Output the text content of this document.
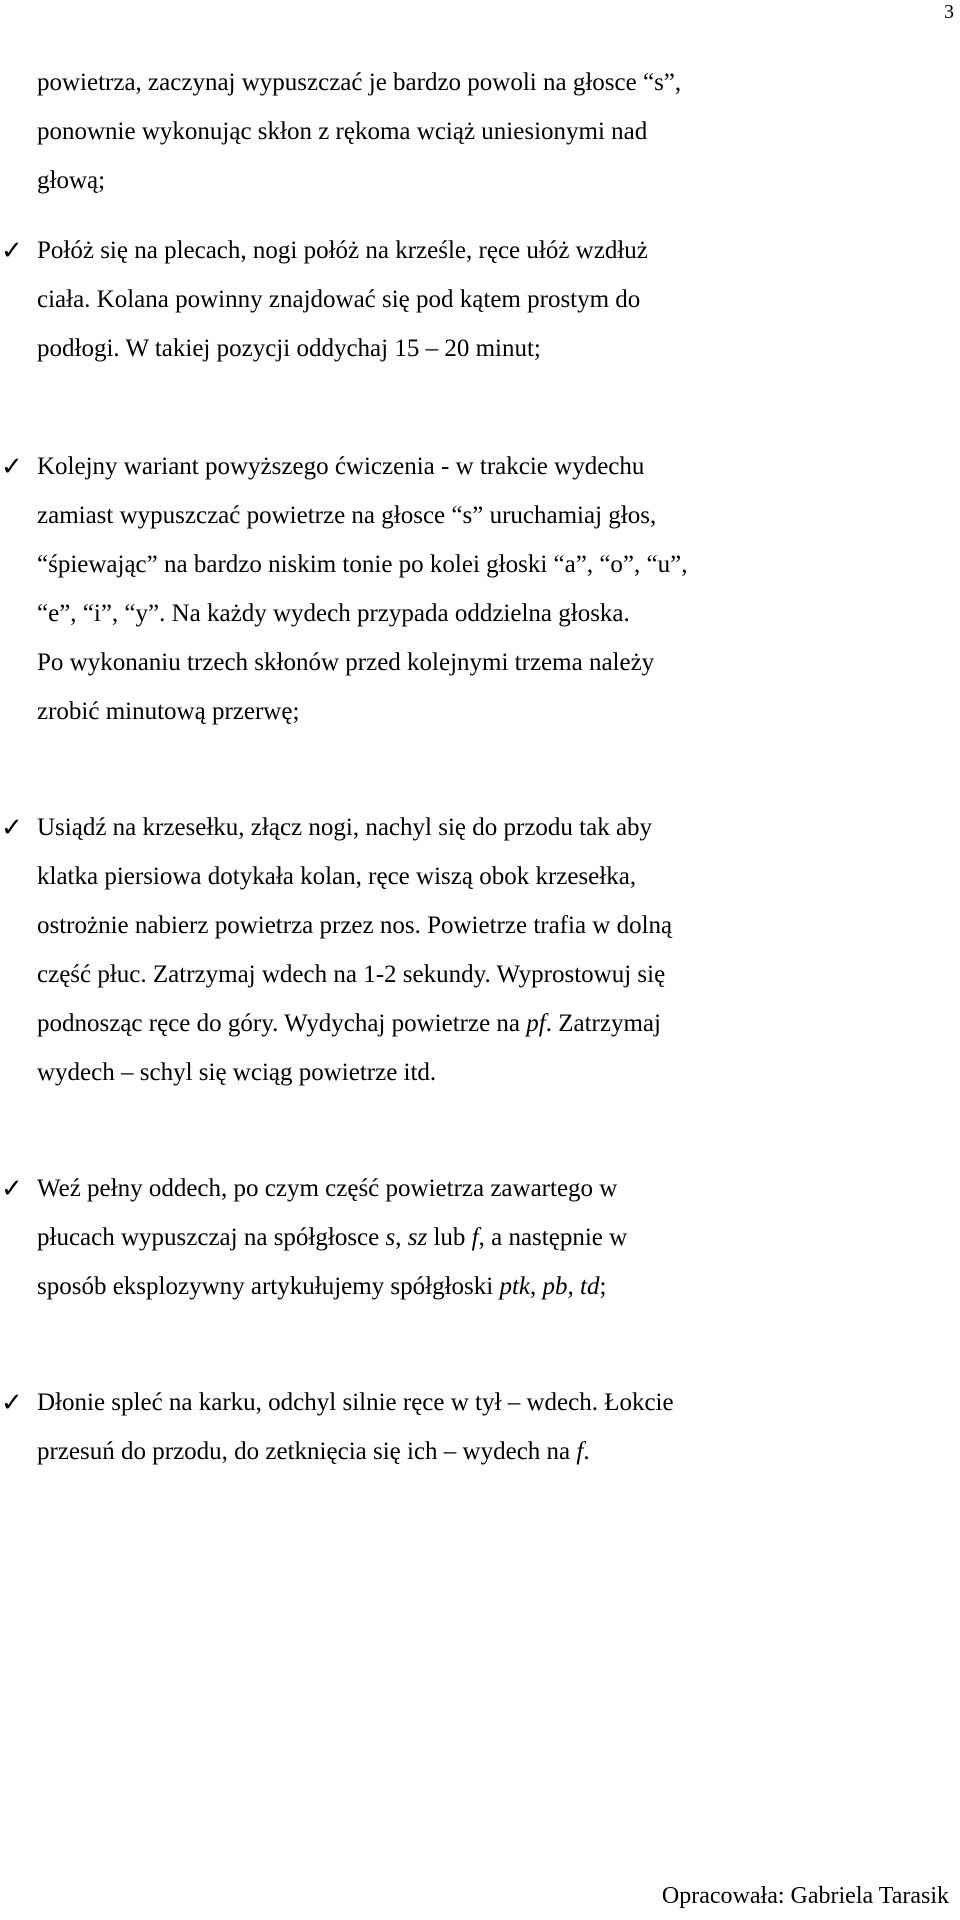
3
powietrza, zaczynaj wypuszczać je bardzo powoli na głosce “s”,
ponownie wykonując skłon z rękoma wciąż uniesionymi nad
głową;
✓ Połóż się na plecach, nogi połóż na krześle, ręce ułóż wzdłuż
ciała. Kolana powinny znajdować się pod kątem prostym do
podłogi. W takiej pozycji oddychaj 15 – 20 minut;
✓ Kolejny wariant powyższego ćwiczenia - w trakcie wydechu
zamiast wypuszczać powietrze na głosce “s” uruchamiaj głos,
“śpiewając” na bardzo niskim tonie po kolei głoski “a”, “o”, “u”,
“e”, “i”, “y”. Na każdy wydech przypada oddzielna głoska.
Po wykonaniu trzech skłonów przed kolejnymi trzema należy
zrobić minutową przerwę;
✓ Usiądź na krzesełku, złącz nogi, nachyl się do przodu tak aby
klatka piersiowa dotykała kolan, ręce wiszą obok krzesełka,
ostrożnie nabierz powietrza przez nos. Powietrze trafia w dolną
część płuc. Zatrzymaj wdech na 1-2 sekundy. Wyprostowuj się
podnosząc ręce do góry. Wydychaj powietrze na pf. Zatrzymaj
wydech – schyl się wciąg powietrze itd.
✓ Weź pełny oddech, po czym część powietrza zawartego w
płucach wypuszczaj na spółgłosce s, sz lub f, a następnie w
sposób eksplozywny artykułujemy spółgłoski ptk, pb, td;
✓ Dłonie spleć na karku, odchyl silnie ręce w tył – wdech. Łokcie
przesuń do przodu, do zetknięcia się ich – wydech na f.
Opracowała: Gabriela Tarasik
